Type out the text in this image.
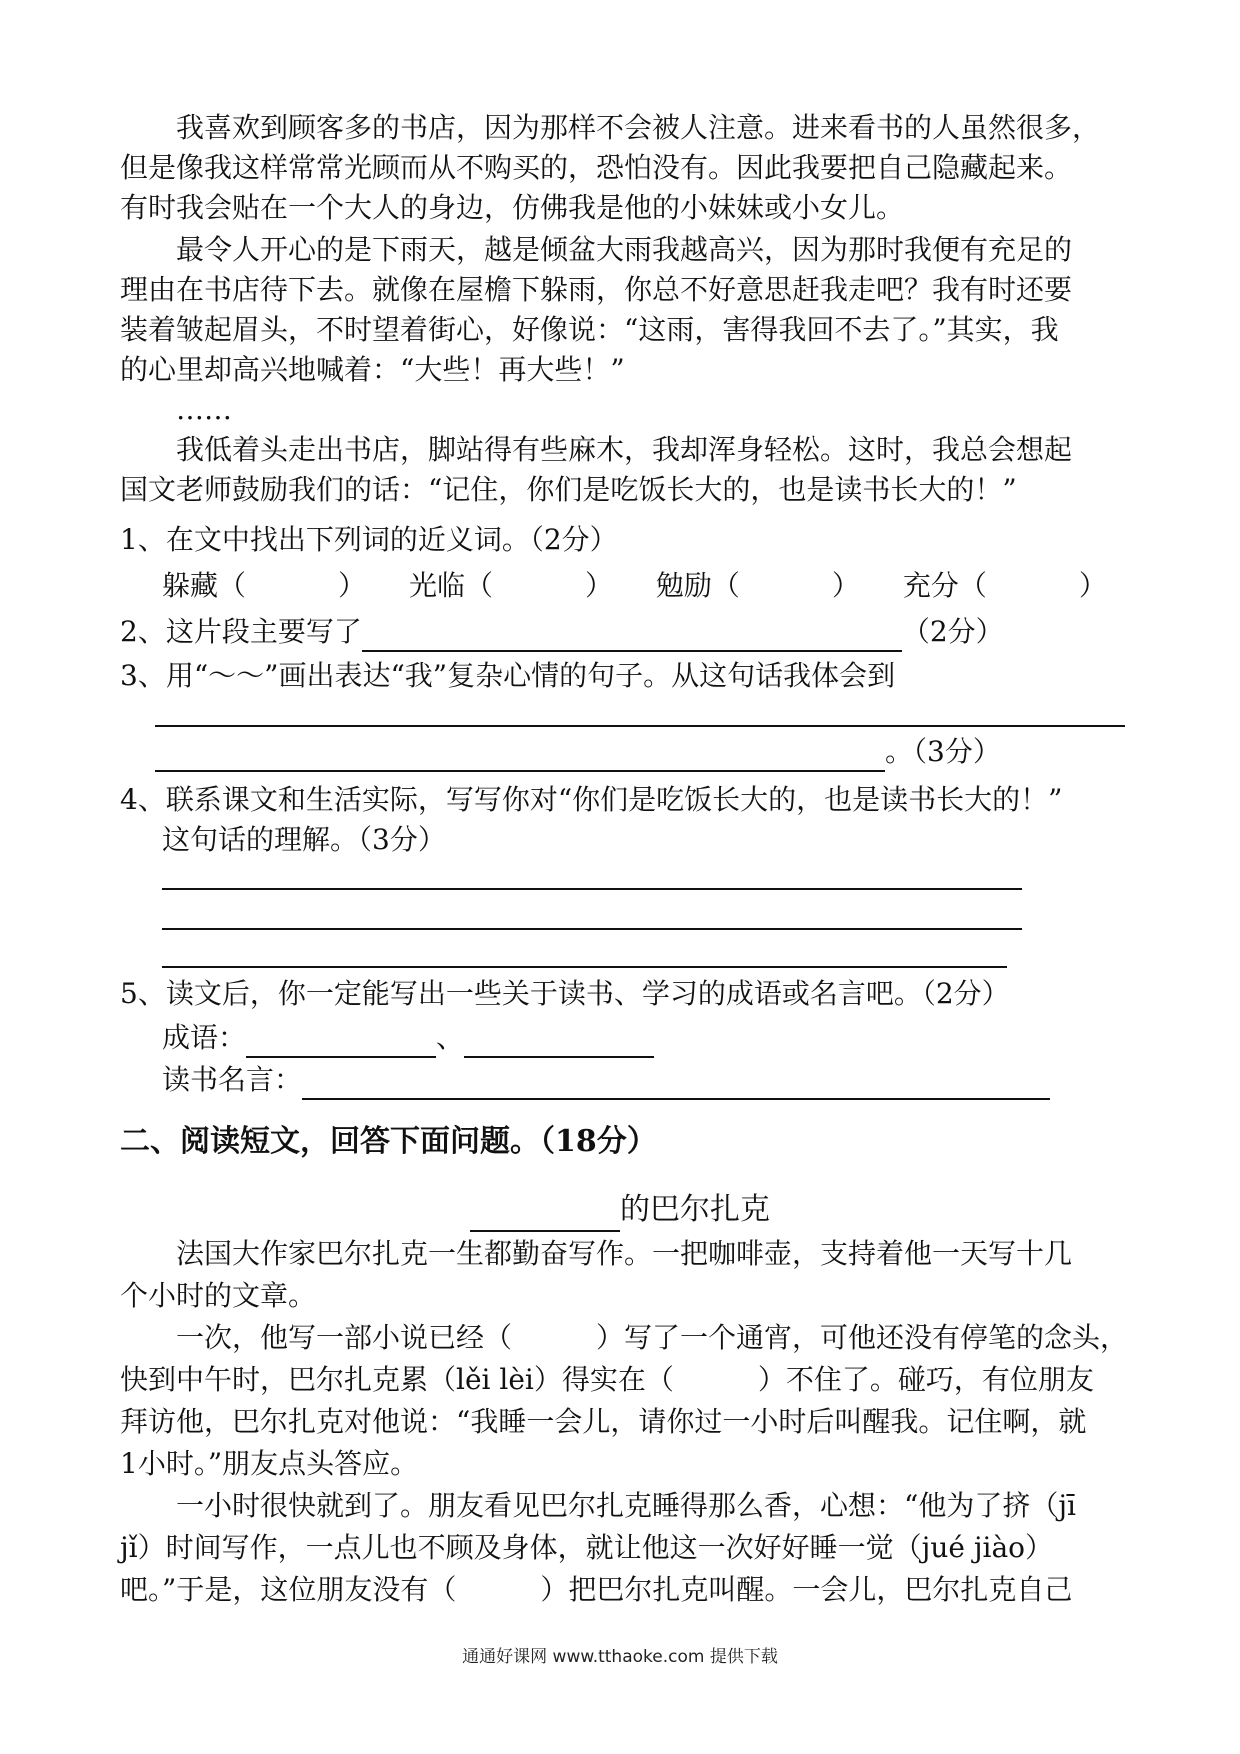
我喜欢到顾客多的书店，因为那样不会被人注意。进来看书的人虽然很多，
但是像我这样常常光顾而从不购买的，恐怕没有。因此我要把自己隐藏起来。
有时我会贴在一个大人的身边，仿佛我是他的小妹妹或小女儿。
最令人开心的是下雨天，越是倾盆大雨我越高兴，因为那时我便有充足的
理由在书店待下去。就像在屋檐下躲雨，你总不好意思赶我走吧？我有时还要
装着皱起眉头，不时望着街心，好像说：“这雨，害得我回不去了。”其实，我
的心里却高兴地喊着：“大些！再大些！”
……
我低着头走出书店，脚站得有些麻木，我却浑身轻松。这时，我总会想起
国文老师鼓励我们的话：“记住，你们是吃饭长大的，也是读书长大的！”
1、在文中找出下列词的近义词。（2分）
躲藏（	） 光临（	） 勉励（	） 充分（	）
2、这片段主要写了	（2分）
3、用“～～”画出表达“我”复杂心情的句子。从这句话我体会到
。（3分）
4、联系课文和生活实际，写写你对“你们是吃饭长大的，也是读书长大的！”
这句话的理解。（3分）
5、读文后，你一定能写出一些关于读书、学习的成语或名言吧。（2分）
成语：	、
读书名言：
二、阅读短文，回答下面问题。（18分）
的巴尔扎克
法国大作家巴尔扎克一生都勤奋写作。一把咖啡壶，支持着他一天写十几
个小时的文章。
一次，他写一部小说已经（　　　）写了一个通宵，可他还没有停笔的念头，
快到中午时，巴尔扎克累（lěi lèi）得实在（　　　）不住了。碰巧，有位朋友
拜访他，巴尔扎克对他说：“我睡一会儿，请你过一小时后叫醒我。记住啊，就
1小时。”朋友点头答应。
一小时很快就到了。朋友看见巴尔扎克睡得那么香，心想：“他为了挤（jī
jǐ）时间写作，一点儿也不顾及身体，就让他这一次好好睡一觉（jué jiào）
吧。”于是，这位朋友没有（　　　）把巴尔扎克叫醒。一会儿，巴尔扎克自己
通通好课网 www.tthaoke.com 提供下载
